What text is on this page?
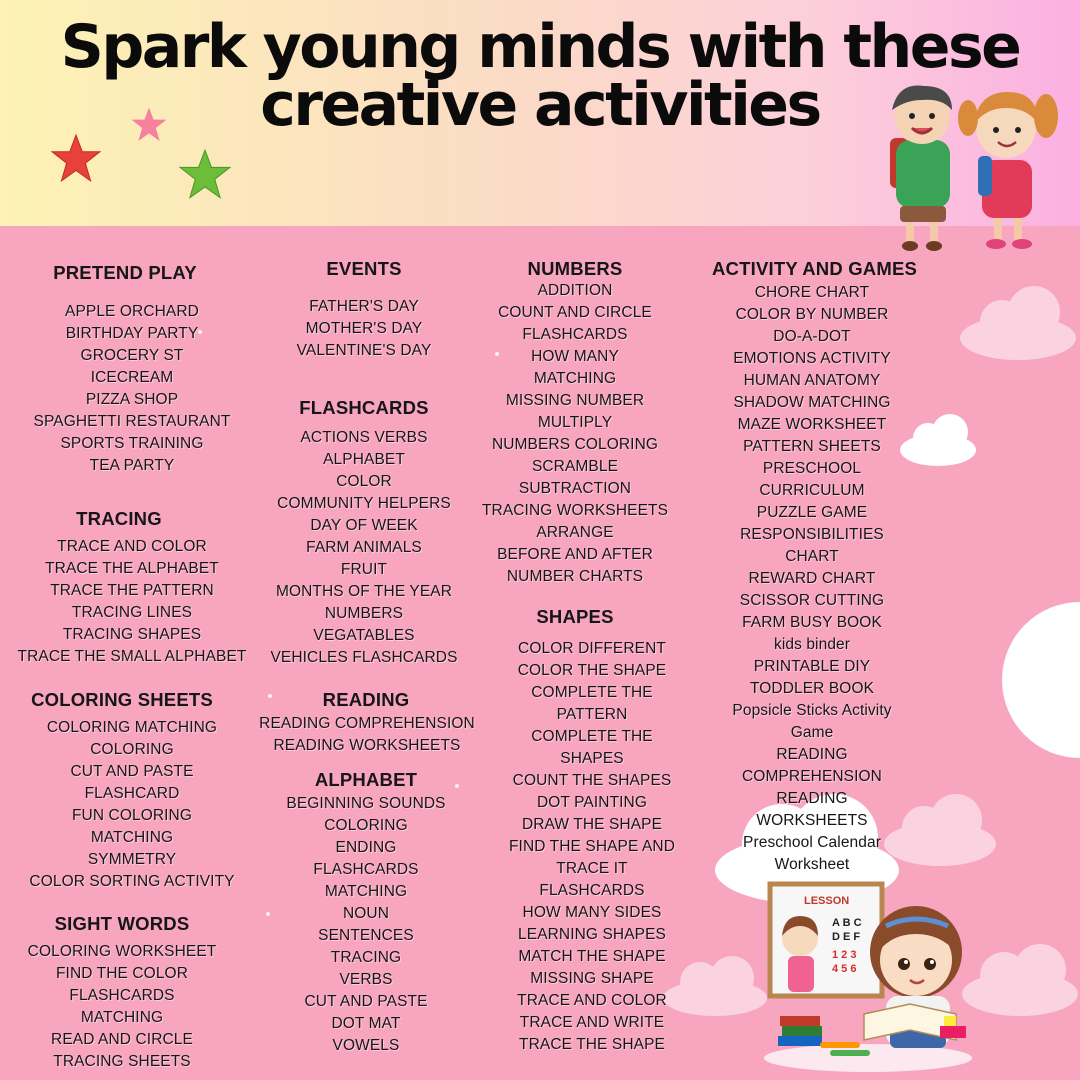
Spark young minds with these
creative activities
LESSON
A B C
D E F
1 2 3
4 5 6
PRETEND PLAY
APPLE ORCHARD
BIRTHDAY PARTY
GROCERY ST
ICECREAM
PIZZA SHOP
SPAGHETTI RESTAURANT
SPORTS TRAINING
TEA PARTY
TRACING
TRACE AND COLOR
TRACE THE ALPHABET
TRACE THE PATTERN
TRACING LINES
TRACING SHAPES
TRACE THE SMALL ALPHABET
COLORING SHEETS
COLORING MATCHING
COLORING
CUT AND PASTE
FLASHCARD
FUN COLORING
MATCHING
SYMMETRY
COLOR SORTING ACTIVITY
SIGHT WORDS
COLORING WORKSHEET
FIND THE COLOR
FLASHCARDS
MATCHING
READ AND CIRCLE
TRACING SHEETS
EVENTS
FATHER'S DAY
MOTHER'S DAY
VALENTINE'S DAY
FLASHCARDS
ACTIONS VERBS
ALPHABET
COLOR
COMMUNITY HELPERS
DAY OF WEEK
FARM ANIMALS
FRUIT
MONTHS OF THE YEAR
NUMBERS
VEGATABLES
VEHICLES FLASHCARDS
READING
READING COMPREHENSION
READING WORKSHEETS
ALPHABET
BEGINNING SOUNDS
COLORING
ENDING
FLASHCARDS
MATCHING
NOUN
SENTENCES
TRACING
VERBS
CUT AND PASTE
DOT MAT
VOWELS
NUMBERS
ADDITION
COUNT AND CIRCLE
FLASHCARDS
HOW MANY
MATCHING
MISSING NUMBER
MULTIPLY
NUMBERS COLORING
SCRAMBLE
SUBTRACTION
TRACING WORKSHEETS
ARRANGE
BEFORE AND AFTER
NUMBER CHARTS
SHAPES
COLOR DIFFERENT
COLOR THE SHAPE
COMPLETE THE
PATTERN
COMPLETE THE
SHAPES
COUNT THE SHAPES
DOT PAINTING
DRAW THE SHAPE
FIND THE SHAPE AND
TRACE IT
FLASHCARDS
HOW MANY SIDES
LEARNING SHAPES
MATCH THE SHAPE
MISSING SHAPE
TRACE AND COLOR
TRACE AND WRITE
TRACE THE SHAPE
ACTIVITY AND GAMES
CHORE CHART
COLOR BY NUMBER
DO-A-DOT
EMOTIONS ACTIVITY
HUMAN ANATOMY
SHADOW MATCHING
MAZE WORKSHEET
PATTERN SHEETS
PRESCHOOL
CURRICULUM
PUZZLE GAME
RESPONSIBILITIES
CHART
REWARD CHART
SCISSOR CUTTING
FARM BUSY BOOK
kids binder
PRINTABLE DIY
TODDLER BOOK
Popsicle Sticks Activity
Game
READING
COMPREHENSION
READING
WORKSHEETS
Preschool Calendar
Worksheet
